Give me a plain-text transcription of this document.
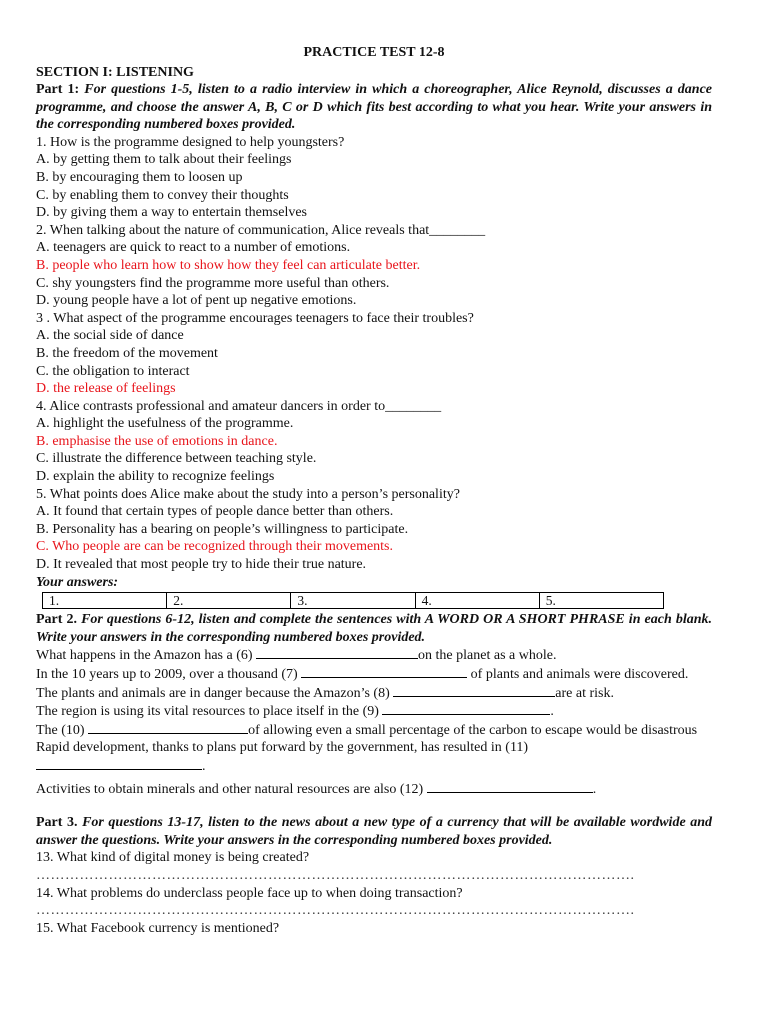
PRACTICE TEST 12-8
SECTION I: LISTENING
Part 1: For questions 1-5, listen to a radio interview in which a choreographer, Alice Reynold, discusses a dance programme, and choose the answer A, B, C or D which fits best according to what you hear. Write your answers in the corresponding numbered boxes provided.
1. How is the programme designed to help youngsters?
A. by getting them to talk about their feelings
B. by encouraging them to loosen up
C. by enabling them to convey their thoughts
D. by giving them a way to entertain themselves
2. When talking about the nature of communication, Alice reveals that________
A. teenagers are quick to react to a number of emotions.
B. people who learn how to show how they feel can articulate better.
C. shy youngsters find the programme more useful than others.
D. young people have a lot of pent up negative emotions.
3 . What aspect of the programme encourages teenagers to face their troubles?
A. the social side of dance
B. the freedom of the movement
C. the obligation to interact
D. the release of feelings
4. Alice contrasts professional and amateur dancers in order to________
A. highlight the usefulness of the programme.
B. emphasise the use of emotions in dance.
C. illustrate the difference between teaching style.
D. explain the ability to recognize feelings
5. What points does Alice make about the study into a person’s personality?
A. It found that certain types of people dance better than others.
B. Personality has a bearing on people’s willingness to participate.
C. Who people are can be recognized through their movements.
D. It revealed that most people try to hide their true nature.
Your answers:
1.	2.	3.	4.	5.
Part 2. For questions 6-12, listen and complete the sentences with A WORD OR A SHORT PHRASE in each blank. Write your answers in the corresponding numbered boxes provided.
What happens in the Amazon has a (6)	on the planet as a whole.
In the 10 years up to 2009, over a thousand (7)	of plants and animals were discovered.
The plants and animals are in danger because the Amazon’s (8)	are at risk.
The region is using its vital resources to place itself in the (9)	.
The (10)	of allowing even a small percentage of the carbon to escape would be disastrous
Rapid development, thanks to plans put forward by the government, has resulted in (11)
.
Activities to obtain minerals and other natural resources are also (12)	.
Part 3. For questions 13-17, listen to the news about a new type of a currency that will be available wordwide and answer the questions. Write your answers in the corresponding numbered boxes provided.
13. What kind of digital money is being created?
…………………………………………………………………………………………………………….
14. What problems do underclass people face up to when doing transaction?
…………………………………………………………………………………………………………….
15. What Facebook currency is mentioned?
